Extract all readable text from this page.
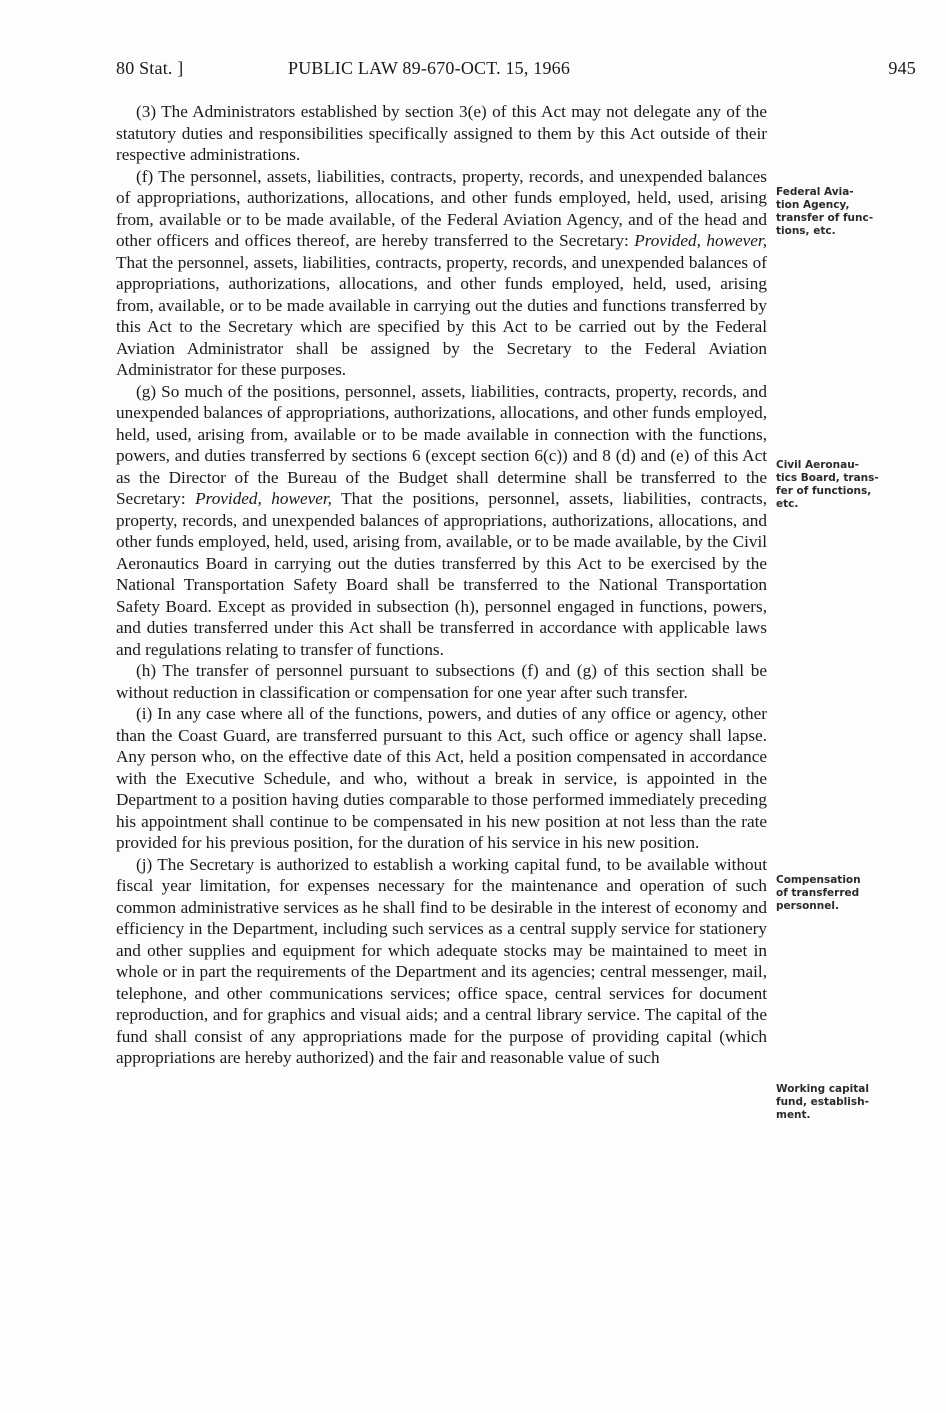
80 Stat. ]	PUBLIC LAW 89-670-OCT. 15, 1966	945

(3) The Administrators established by section 3(e) of this Act may not delegate any of the statutory duties and responsibilities specifically assigned to them by this Act outside of their respective administrations.

(f) The personnel, assets, liabilities, contracts, property, records, and unexpended balances of appropriations, authorizations, allocations, and other funds employed, held, used, arising from, available or to be made available, of the Federal Aviation Agency, and of the head and other officers and offices thereof, are hereby transferred to the Secretary: Provided, however, That the personnel, assets, liabilities, contracts, property, records, and unexpended balances of appropriations, authorizations, allocations, and other funds employed, held, used, arising from, available, or to be made available in carrying out the duties and functions transferred by this Act to the Secretary which are specified by this Act to be carried out by the Federal Aviation Administrator shall be assigned by the Secretary to the Federal Aviation Administrator for these purposes.

(g) So much of the positions, personnel, assets, liabilities, contracts, property, records, and unexpended balances of appropriations, authorizations, allocations, and other funds employed, held, used, arising from, available or to be made available in connection with the functions, powers, and duties transferred by sections 6 (except section 6(c)) and 8 (d) and (e) of this Act as the Director of the Bureau of the Budget shall determine shall be transferred to the Secretary: Provided, however, That the positions, personnel, assets, liabilities, contracts, property, records, and unexpended balances of appropriations, authorizations, allocations, and other funds employed, held, used, arising from, available, or to be made available, by the Civil Aeronautics Board in carrying out the duties transferred by this Act to be exercised by the National Transportation Safety Board shall be transferred to the National Transportation Safety Board. Except as provided in subsection (h), personnel engaged in functions, powers, and duties transferred under this Act shall be transferred in accordance with applicable laws and regulations relating to transfer of functions.

(h) The transfer of personnel pursuant to subsections (f) and (g) of this section shall be without reduction in classification or compensation for one year after such transfer.

(i) In any case where all of the functions, powers, and duties of any office or agency, other than the Coast Guard, are transferred pursuant to this Act, such office or agency shall lapse. Any person who, on the effective date of this Act, held a position compensated in accordance with the Executive Schedule, and who, without a break in service, is appointed in the Department to a position having duties comparable to those performed immediately preceding his appointment shall continue to be compensated in his new position at not less than the rate provided for his previous position, for the duration of his service in his new position.

(j) The Secretary is authorized to establish a working capital fund, to be available without fiscal year limitation, for expenses necessary for the maintenance and operation of such common administrative services as he shall find to be desirable in the interest of economy and efficiency in the Department, including such services as a central supply service for stationery and other supplies and equipment for which adequate stocks may be maintained to meet in whole or in part the requirements of the Department and its agencies; central messenger, mail, telephone, and other communications services; office space, central services for document reproduction, and for graphics and visual aids; and a central library service. The capital of the fund shall consist of any appropriations made for the purpose of providing capital (which appropriations are hereby authorized) and the fair and reasonable value of such

Federal Avia-
tion Agency,
transfer of func-
tions, etc.
Civil Aeronau-
tics Board, trans-
fer of functions,
etc.
Compensation
of transferred
personnel.
Working capital
fund, establish-
ment.
